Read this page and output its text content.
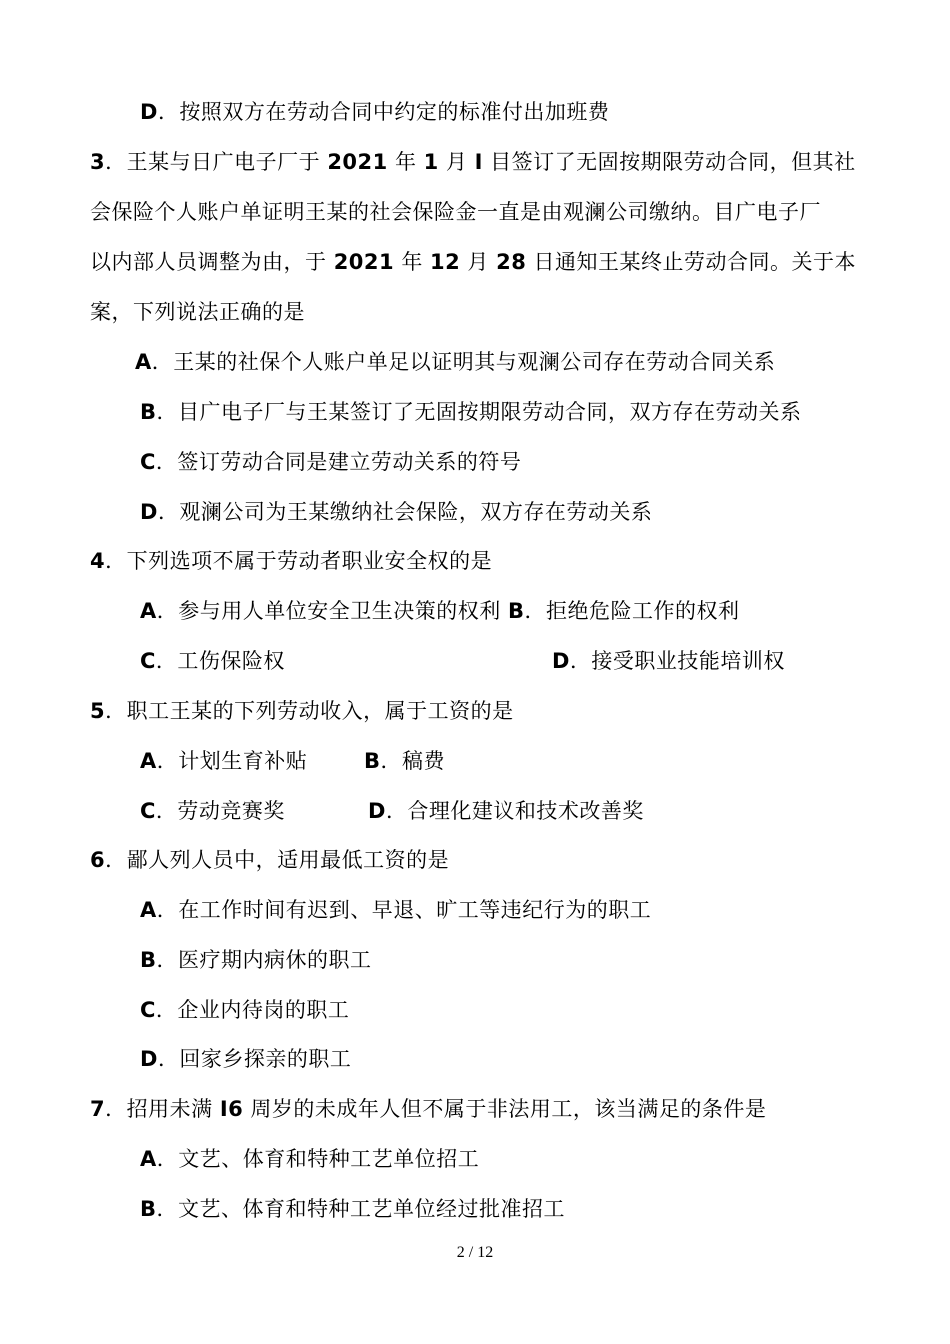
D．按照双方在劳动合同中约定的标准付出加班费
3．王某与日广电子厂于 2021 年 1 月 I 目签订了无固按期限劳动合同，但其社
会保险个人账户单证明王某的社会保险金一直是由观澜公司缴纳。目广电子厂
以内部人员调整为由，于 2021 年 12 月 28 日通知王某终止劳动合同。关于本
案，下列说法正确的是
A．王某的社保个人账户单足以证明其与观澜公司存在劳动合同关系
B．目广电子厂与王某签订了无固按期限劳动合同，双方存在劳动关系
C．签订劳动合同是建立劳动关系的符号
D．观澜公司为王某缴纳社会保险，双方存在劳动关系
4．下列选项不属于劳动者职业安全权的是
A．参与用人单位安全卫生决策的权利 B．拒绝危险工作的权利
C．工伤保险权	D．接受职业技能培训权
5．职工王某的下列劳动收入，属于工资的是
A．计划生育补贴	B．稿费
C．劳动竞赛奖	D．合理化建议和技术改善奖
6．鄙人列人员中，适用最低工资的是
A．在工作时间有迟到、早退、旷工等违纪行为的职工
B．医疗期内病休的职工
C．企业内待岗的职工
D．回家乡探亲的职工
7．招用未满 I6 周岁的未成年人但不属于非法用工，该当满足的条件是
A．文艺、体育和特种工艺单位招工
B．文艺、体育和特种工艺单位经过批准招工
2 / 12
